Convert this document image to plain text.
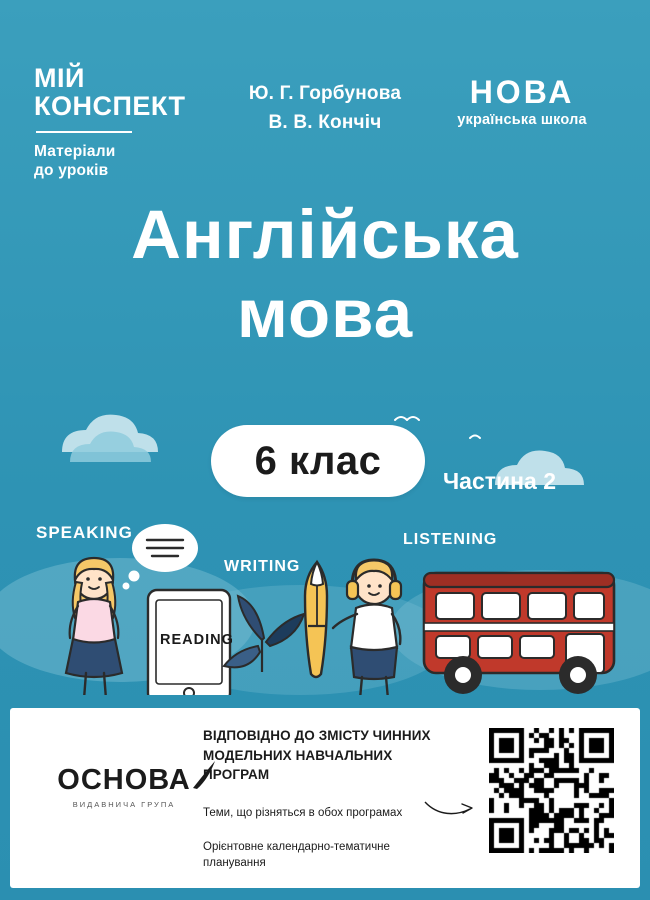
МІЙ
КОНСПЕКТ
Матеріали
до уроків
Ю. Г. Горбунова
В. В. Кончіч
НОВА
українська школа
Англійська
мова
6 клас	Частина 2
SPEAKING
WRITING
LISTENING
READING
ОСНОВА
ВИДАВНИЧА ГРУПА
ВІДПОВІДНО ДО ЗМІСТУ ЧИННИХ
МОДЕЛЬНИХ НАВЧАЛЬНИХ ПРОГРАМ
Теми, що різняться в обох програмах
Орієнтовне календарно-тематичне
планування
